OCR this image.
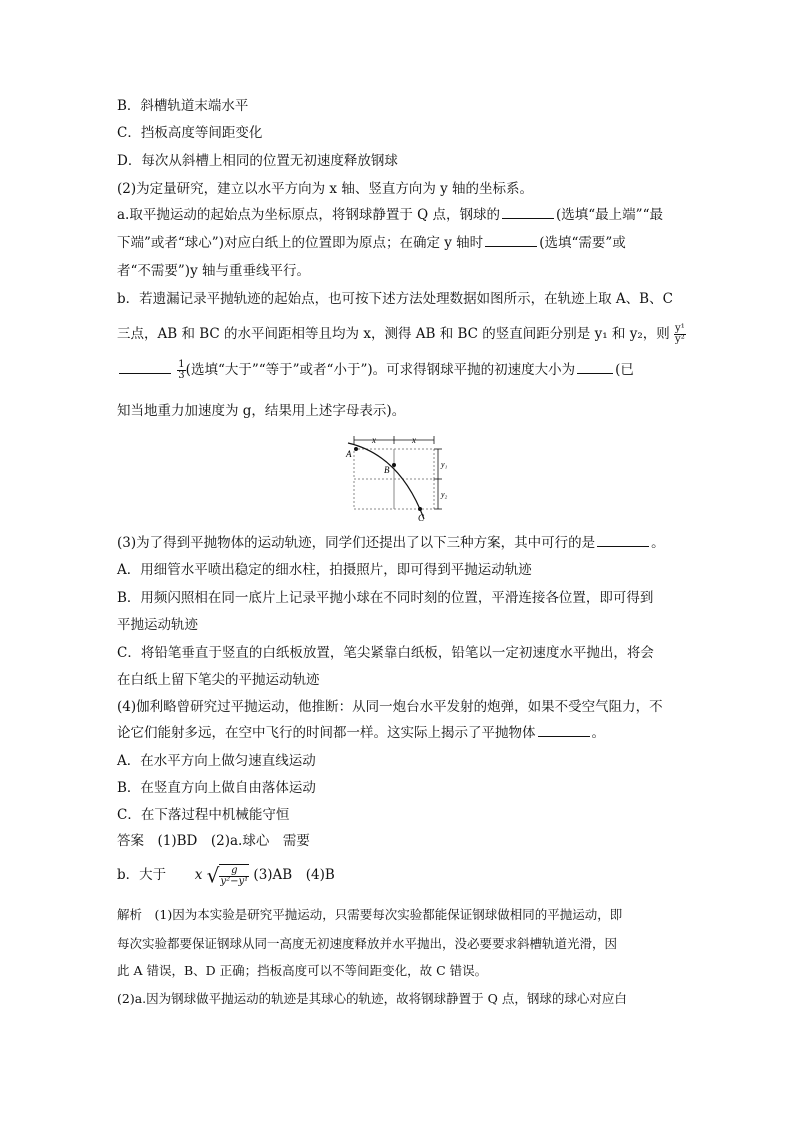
B．斜槽轨道末端水平
C．挡板高度等间距变化
D．每次从斜槽上相同的位置无初速度释放钢球
(2)为定量研究，建立以水平方向为 x 轴、竖直方向为 y 轴的坐标系。
a.取平抛运动的起始点为坐标原点，将钢球静置于 Q 点，钢球的	(选填“最上端”“最
下端”或者“球心”)对应白纸上的位置即为原点；在确定 y 轴时	(选填“需要”或
者“不需要”)y 轴与重垂线平行。
b．若遗漏记录平抛轨迹的起始点，也可按下述方法处理数据如图所示，在轨迹上取 A、B、C
三点，AB 和 BC 的水平间距相等且均为 x，测得 AB 和 BC 的竖直间距分别是 y₁ 和 y₂，则 $\frac{\text{y¹}}{\text{y²}}$

$\frac{1}{3}$ (选填“大于”“等于”或者“小于”)。可求得钢球平抛的初速度大小为	(已
知当地重力加速度为 g，结果用上述字母表示)。
x	x
y₁
y₂
A
B
C
(3)为了得到平抛物体的运动轨迹，同学们还提出了以下三种方案，其中可行的是	。
A．用细管水平喷出稳定的细水柱，拍摄照片，即可得到平抛运动轨迹
B．用频闪照相在同一底片上记录平抛小球在不同时刻的位置，平滑连接各位置，即可得到
平抛运动轨迹
C．将铅笔垂直于竖直的白纸板放置，笔尖紧靠白纸板，铅笔以一定初速度水平抛出，将会
在白纸上留下笔尖的平抛运动轨迹
(4)伽利略曾研究过平抛运动，他推断：从同一炮台水平发射的炮弹，如果不受空气阻力，不
论它们能射多远，在空中飞行的时间都一样。这实际上揭示了平抛物体	。
A．在水平方向上做匀速直线运动
B．在竖直方向上做自由落体运动
C．在下落过程中机械能守恒
答案　(1)BD　(2)a.球心　需要
b．大于 x √ $\frac{g}{\text{y²−y¹}} (3)AB$　(4)B
解析　(1)因为本实验是研究平抛运动，只需要每次实验都能保证钢球做相同的平抛运动，即
每次实验都要保证钢球从同一高度无初速度释放并水平抛出，没必要要求斜槽轨道光滑，因
此 A 错误，B、D 正确；挡板高度可以不等间距变化，故 C 错误。
(2)a.因为钢球做平抛运动的轨迹是其球心的轨迹，故将钢球静置于 Q 点，钢球的球心对应白
